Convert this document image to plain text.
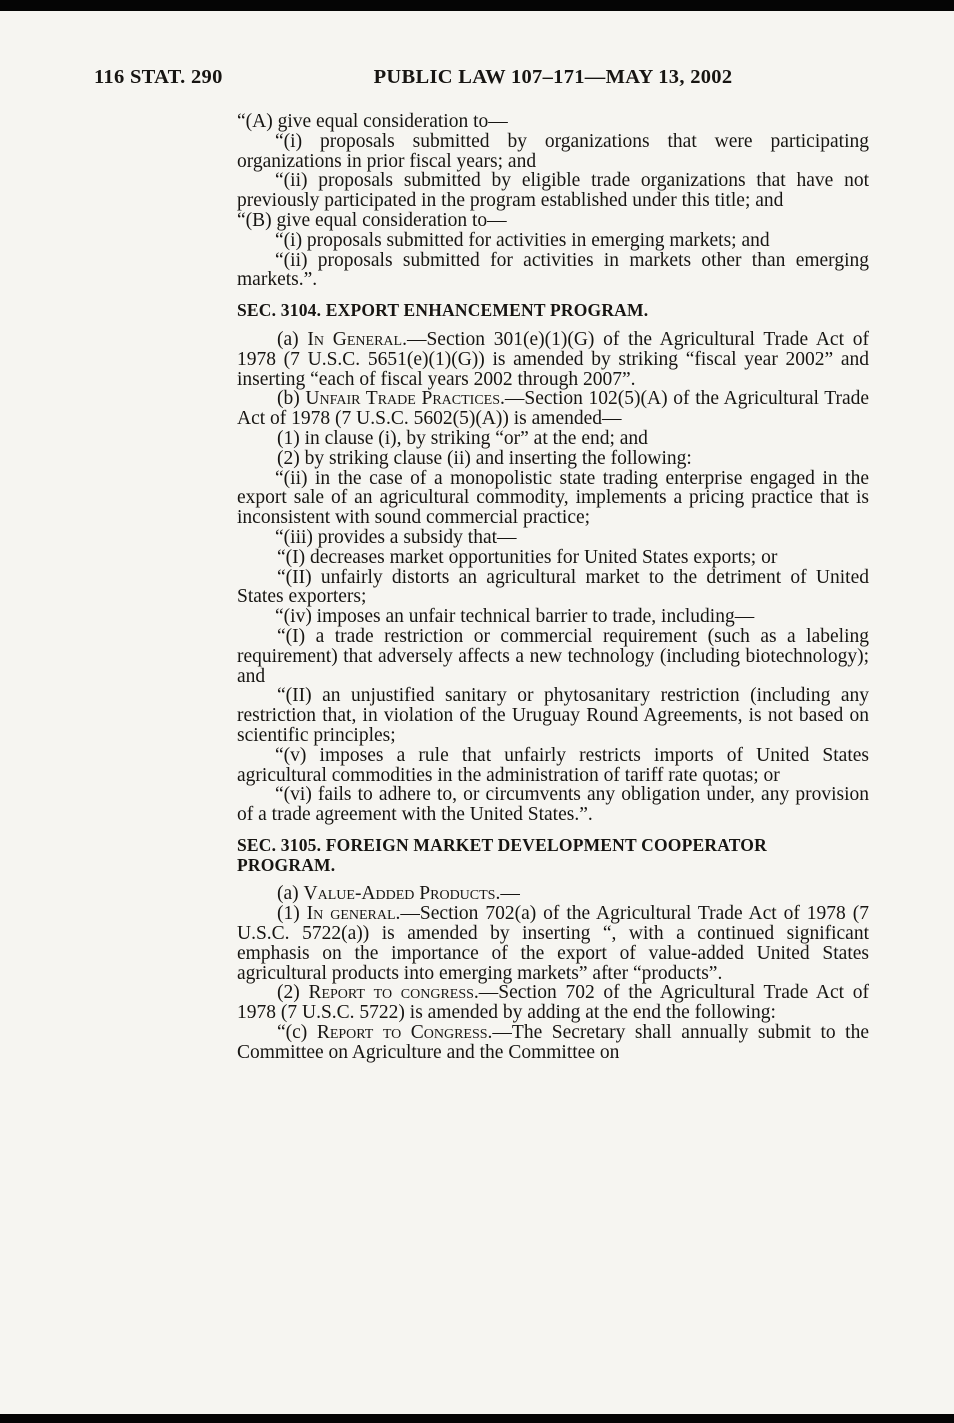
116 STAT. 290	PUBLIC LAW 107–171—MAY 13, 2002

“(A) give equal consideration to—

“(i) proposals submitted by organizations that were participating organizations in prior fiscal years; and

“(ii) proposals submitted by eligible trade organizations that have not previously participated in the program established under this title; and

“(B) give equal consideration to—

“(i) proposals submitted for activities in emerging markets; and

“(ii) proposals submitted for activities in markets other than emerging markets.”.

SEC. 3104. EXPORT ENHANCEMENT PROGRAM.

(a) In General.—Section 301(e)(1)(G) of the Agricultural Trade Act of 1978 (7 U.S.C. 5651(e)(1)(G)) is amended by striking “fiscal year 2002” and inserting “each of fiscal years 2002 through 2007”.

(b) Unfair Trade Practices.—Section 102(5)(A) of the Agricultural Trade Act of 1978 (7 U.S.C. 5602(5)(A)) is amended—

(1) in clause (i), by striking “or” at the end; and

(2) by striking clause (ii) and inserting the following:

“(ii) in the case of a monopolistic state trading enterprise engaged in the export sale of an agricultural commodity, implements a pricing practice that is inconsistent with sound commercial practice;

“(iii) provides a subsidy that—

“(I) decreases market opportunities for United States exports; or

“(II) unfairly distorts an agricultural market to the detriment of United States exporters;

“(iv) imposes an unfair technical barrier to trade, including—

“(I) a trade restriction or commercial requirement (such as a labeling requirement) that adversely affects a new technology (including biotechnology); and

“(II) an unjustified sanitary or phytosanitary restriction (including any restriction that, in violation of the Uruguay Round Agreements, is not based on scientific principles;

“(v) imposes a rule that unfairly restricts imports of United States agricultural commodities in the administration of tariff rate quotas; or

“(vi) fails to adhere to, or circumvents any obligation under, any provision of a trade agreement with the United States.”.

SEC. 3105. FOREIGN MARKET DEVELOPMENT COOPERATOR PROGRAM.

(a) Value-Added Products.—

(1) In general.—Section 702(a) of the Agricultural Trade Act of 1978 (7 U.S.C. 5722(a)) is amended by inserting “, with a continued significant emphasis on the importance of the export of value-added United States agricultural products into emerging markets” after “products”.

(2) Report to congress.—Section 702 of the Agricultural Trade Act of 1978 (7 U.S.C. 5722) is amended by adding at the end the following:

“(c) Report to Congress.—The Secretary shall annually submit to the Committee on Agriculture and the Committee on
